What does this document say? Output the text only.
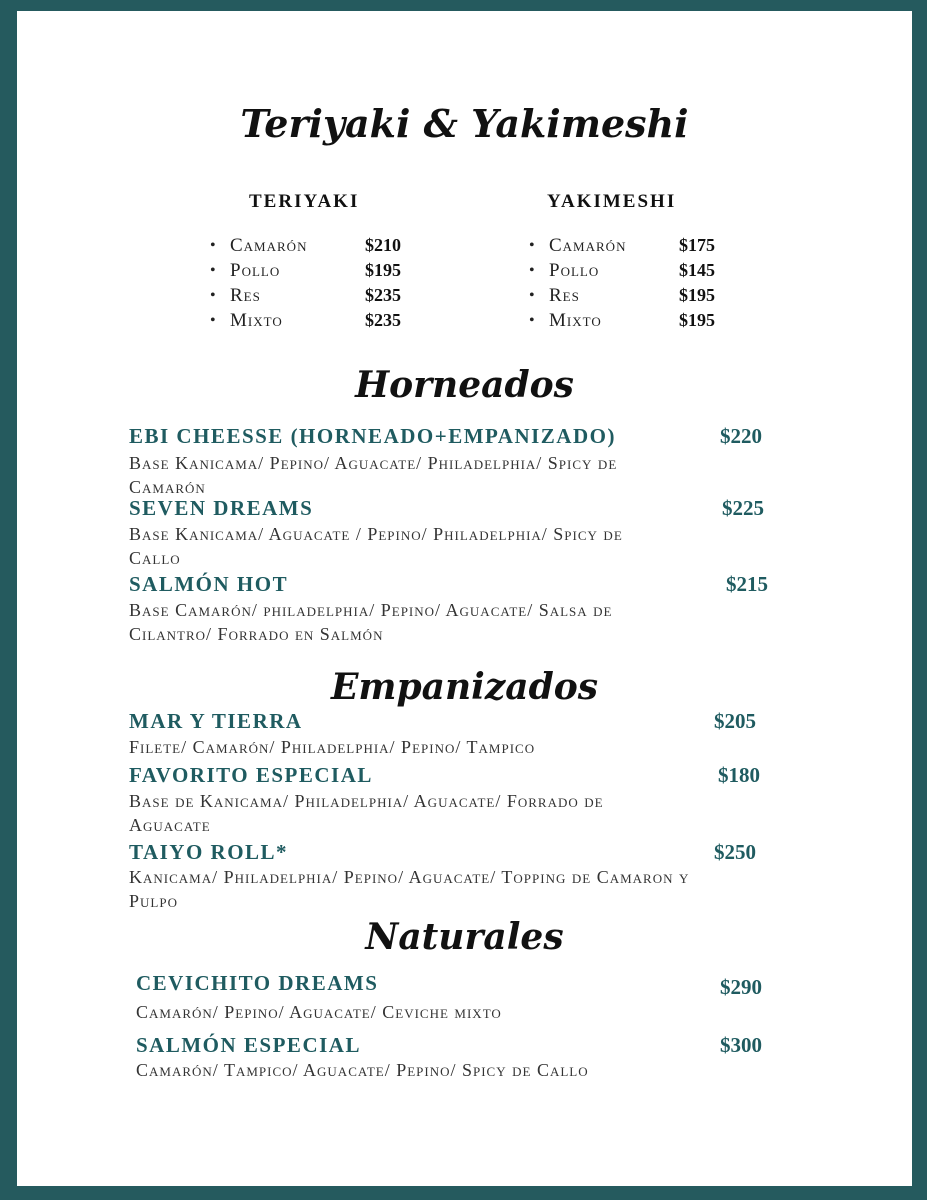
Teriyaki & Yakimeshi
TERIYAKI
• Camarón	$210
• Pollo	$195
• Res	$235
• Mixto	$235
YAKIMESHI
• Camarón	$175
• Pollo	$145
• Res	$195
• Mixto	$195
Horneados
EBI CHEESSE (HORNEADO+EMPANIZADO)	$220
Base Kanicama/ Pepino/ Aguacate/ Philadelphia/ Spicy de Camarón
SEVEN DREAMS	$225
Base Kanicama/ Aguacate / Pepino/ Philadelphia/ Spicy de Callo
SALMÓN HOT	$215
Base Camarón/ philadelphia/ Pepino/ Aguacate/ Salsa de Cilantro/ Forrado en Salmón
Empanizados
MAR Y TIERRA	$205
Filete/ Camarón/ Philadelphia/ Pepino/ Tampico
FAVORITO ESPECIAL	$180
Base de Kanicama/ Philadelphia/ Aguacate/ Forrado de Aguacate
TAIYO ROLL*	$250
Kanicama/ Philadelphia/ Pepino/ Aguacate/ Topping de Camaron y Pulpo
Naturales
CEVICHITO DREAMS	$290
Camarón/ Pepino/ Aguacate/ Ceviche mixto
SALMÓN ESPECIAL	$300
Camarón/ Tampico/ Aguacate/ Pepino/ Spicy de Callo
